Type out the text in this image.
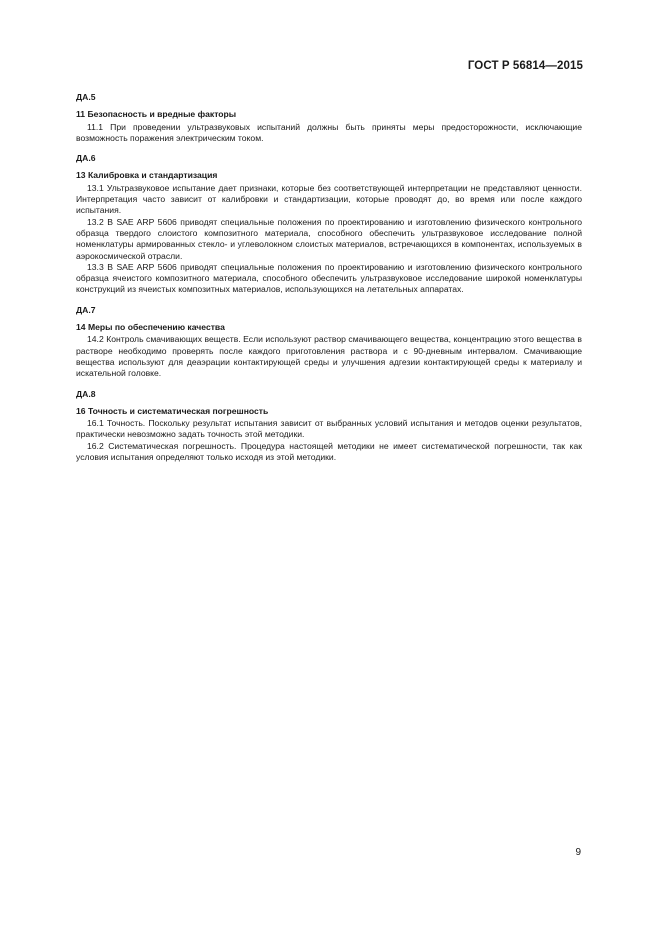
ГОСТ Р 56814—2015
ДА.5
11 Безопасность и вредные факторы

11.1 При проведении ультразвуковых испытаний должны быть приняты меры предосторожности, исключающие возможность поражения электрическим током.

ДА.6
13 Калибровка и стандартизация

13.1 Ультразвуковое испытание дает признаки, которые без соответствующей интерпретации не представляют ценности. Интерпретация часто зависит от калибровки и стандартизации, которые проводят до, во время или после каждого испытания.

13.2 В SAE ARP 5606 приводят специальные положения по проектированию и изготовлению физического контрольного образца твердого слоистого композитного материала, способного обеспечить ультразвуковое исследование полной номенклатуры армированных стекло- и углеволокном слоистых материалов, встречающихся в компонентах, используемых в аэрокосмической отрасли.

13.3 В SAE ARP 5606 приводят специальные положения по проектированию и изготовлению физического контрольного образца ячеистого композитного материала, способного обеспечить ультразвуковое исследование широкой номенклатуры конструкций из ячеистых композитных материалов, использующихся на летательных аппаратах.

ДА.7
14 Меры по обеспечению качества

14.2 Контроль смачивающих веществ. Если используют раствор смачивающего вещества, концентрацию этого вещества в растворе необходимо проверять после каждого приготовления раствора и с 90-дневным интервалом. Смачивающие вещества используют для деаэрации контактирующей среды и улучшения адгезии контактирующей среды к материалу и искательной головке.

ДА.8
16 Точность и систематическая погрешность

16.1 Точность. Поскольку результат испытания зависит от выбранных условий испытания и методов оценки результатов, практически невозможно задать точность этой методики.

16.2 Систематическая погрешность. Процедура настоящей методики не имеет систематической погрешности, так как условия испытания определяют только исходя из этой методики.

9
